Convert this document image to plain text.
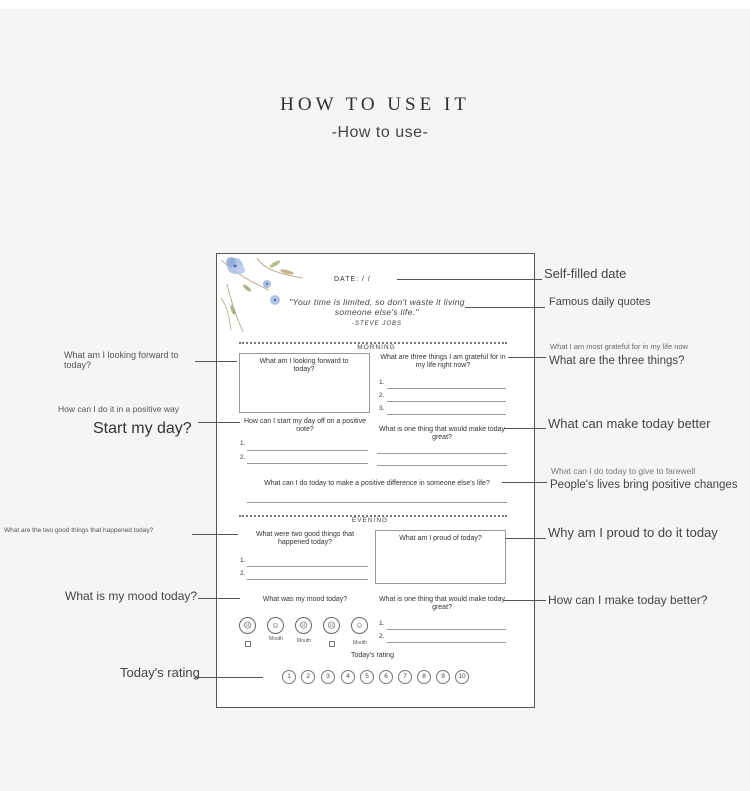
HOW TO USE IT
-How to use-
DATE: / /
"Your time is limited, so don't waste it living someone else's life.''
-STEVE JOBS
MORNING
What am I looking forward to today?
What are three things I am grateful for in my life right now?
1.
2.
3.
How can I start my day off on a positive note?
1.
2.
What is one thing that would make today great?
What can I do today to make a positive difference in someone else's life?
EVENING
What were two good things that happened today?
1.
2.
What am I proud of today?
What was my mood today?
☹	☺	☹	☹	☺
Mouth	Mouth	Mouth
What is one thing that would make today great?
1.
2.
Today's rating
1	2	3	4	5	6	7	8	9	10
Self-filled date
Famous daily quotes
What I am most grateful for in my life now
What are the three things?
What am I looking forward to today?
How can I do it in a positive way
Start my day?	What can make today better
What can I do today to give to farewell
People's lives bring positive changes
What are the two good things that happened today?	Why am I proud to do it today
What is my mood today?	How can I make today better?
Today's rating
